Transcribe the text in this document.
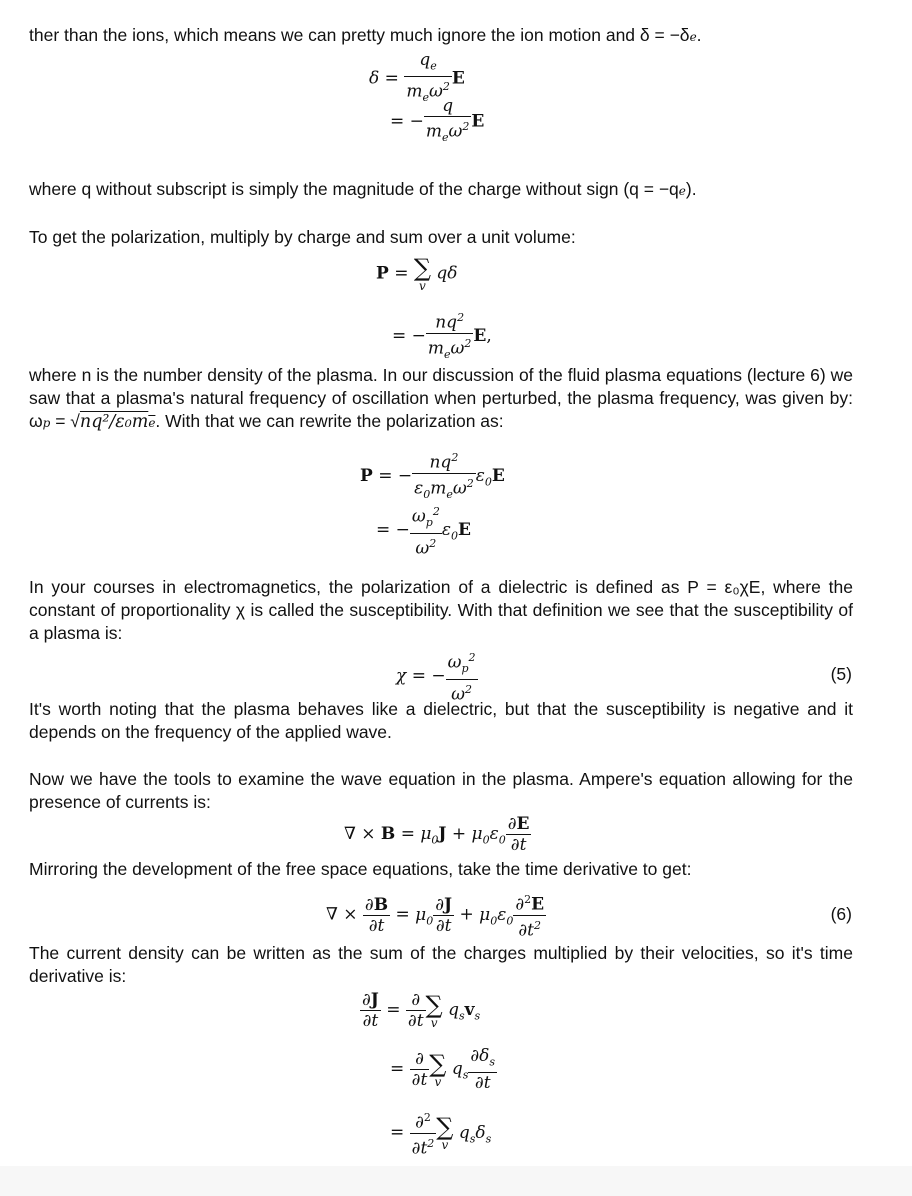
ther than the ions, which means we can pretty much ignore the ion motion and δ = −δe.

$\delta = \frac{q_e}{m_e\omega^2}$ E
= − $\frac{q}{m_e\omega^2}$ E

where q without subscript is simply the magnitude of the charge without sign (q = −qe).

To get the polarization, multiply by charge and sum over a unit volume:

P = ∑
v
qδ
= − $\frac{nq^2}{m_e\omega^2} E$,

where n is the number density of the plasma. In our discussion of the fluid plasma equations (lecture 6) we saw that a plasma's natural frequency of oscillation when perturbed, the plasma frequency, was given by: ωp = √nq²/ε₀me. With that we can rewrite the polarization as:

P = − $\frac{nq^2}{\varepsilon_0m_e\omega^2} \varepsilon_0E$
= − $\frac{\omega_p^2}{\omega^2} \varepsilon_0E$

In your courses in electromagnetics, the polarization of a dielectric is defined as P = ε₀χE, where the constant of proportionality χ is called the susceptibility. With that definition we see that the susceptibility of a plasma is:

χ = − $\frac{\omega_p^2}{\omega^2}$	(5)

It's worth noting that the plasma behaves like a dielectric, but that the susceptibility is negative and it depends on the frequency of the applied wave.

Now we have the tools to examine the wave equation in the plasma. Ampere's equation allowing for the presence of currents is:

∇ × $B = \mu_0J + \mu_0\varepsilon_0 \frac{\partial E}{\partial t}$

Mirroring the development of the free space equations, take the time derivative to get:

∇ × $\frac{\partial B}{\partial t} = \mu_0 \frac{\partial J}{\partial t} + \mu_0\varepsilon_0 \frac{\partial^2E}{\partial t^2}$	(6)

The current density can be written as the sum of the charges multiplied by their velocities, so it's time derivative is:

$\frac{\partial J}{\partial t} = \frac{\partial}{\partial t}$ ∑
v
$q_sv_s$
= $\frac{\partial}{\partial t}$ ∑
v
$q_s \frac{\partial\delta_s}{\partial t}$
= $\frac{\partial^2}{\partial t^2}$ ∑
v
$q_s\delta_s$
